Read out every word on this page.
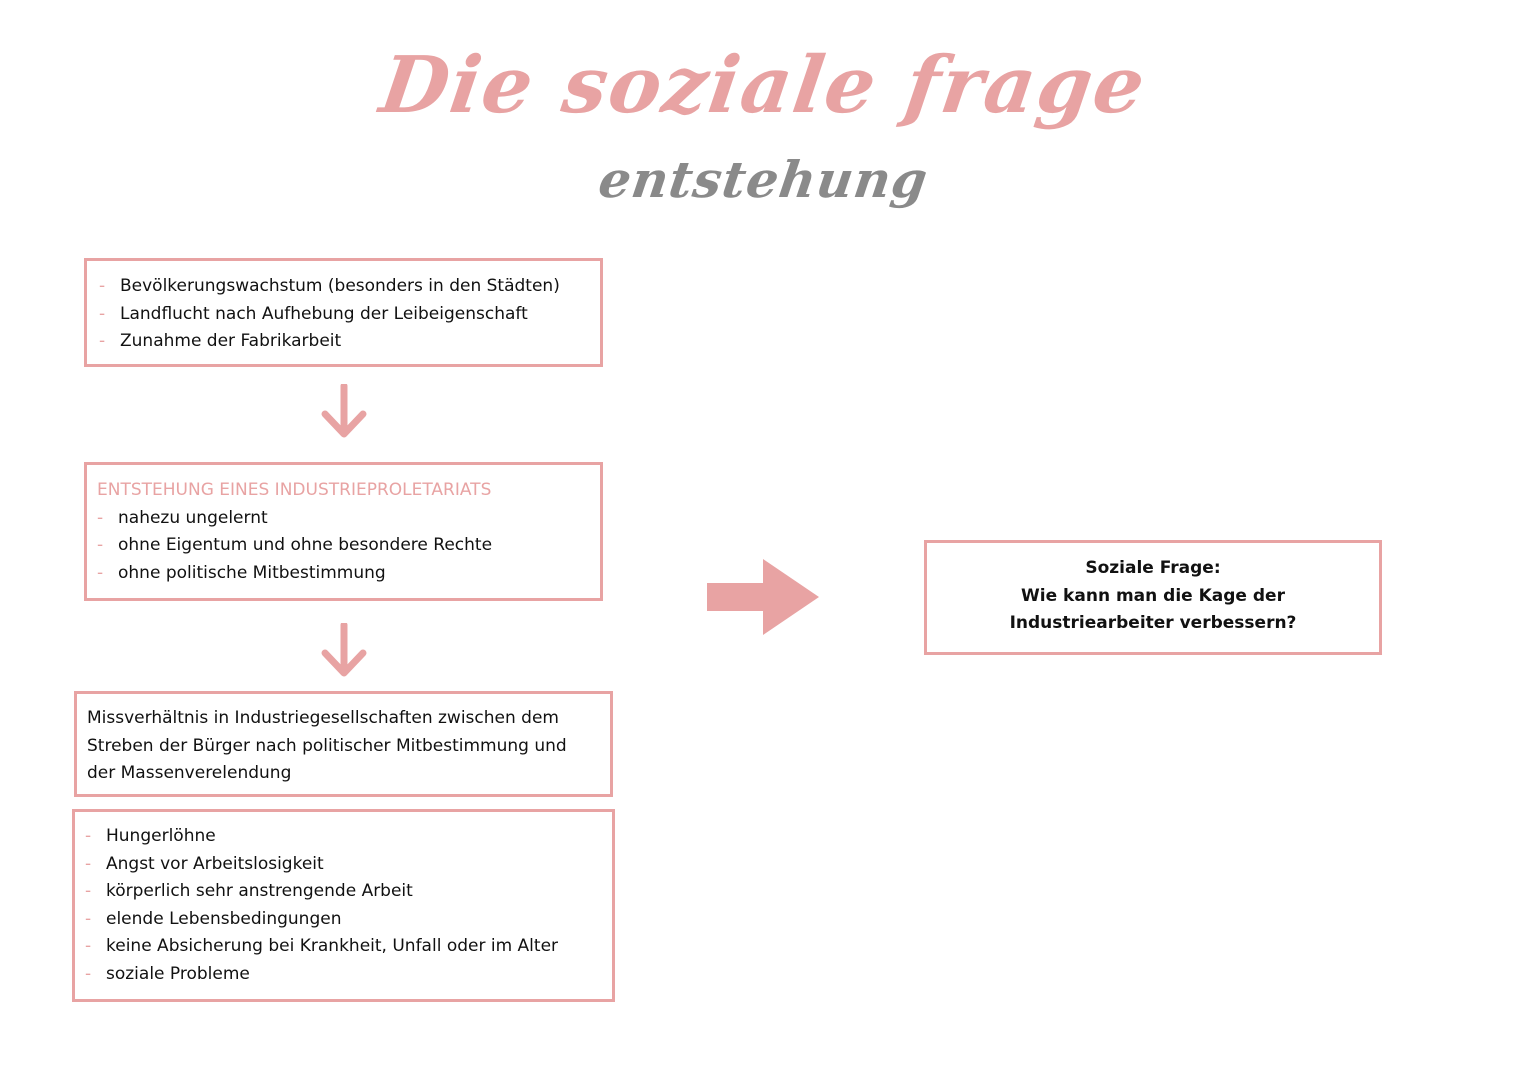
Die soziale frage
entstehung
- Bevölkerungswachstum (besonders in den Städten)
- Landflucht nach Aufhebung der Leibeigenschaft
- Zunahme der Fabrikarbeit
ENTSTEHUNG EINES INDUSTRIEPROLETARIATS
- nahezu ungelernt
- ohne Eigentum und ohne besondere Rechte
- ohne politische Mitbestimmung

Missverhältnis in Industriegesellschaften zwischen dem Streben der Bürger nach politischer Mitbestimmung und der Massenverelendung

- Hungerlöhne
- Angst vor Arbeitslosigkeit
- körperlich sehr anstrengende Arbeit
- elende Lebensbedingungen
- keine Absicherung bei Krankheit, Unfall oder im Alter
- soziale Probleme
Soziale Frage:
Wie kann man die Kage der
Industriearbeiter verbessern?
